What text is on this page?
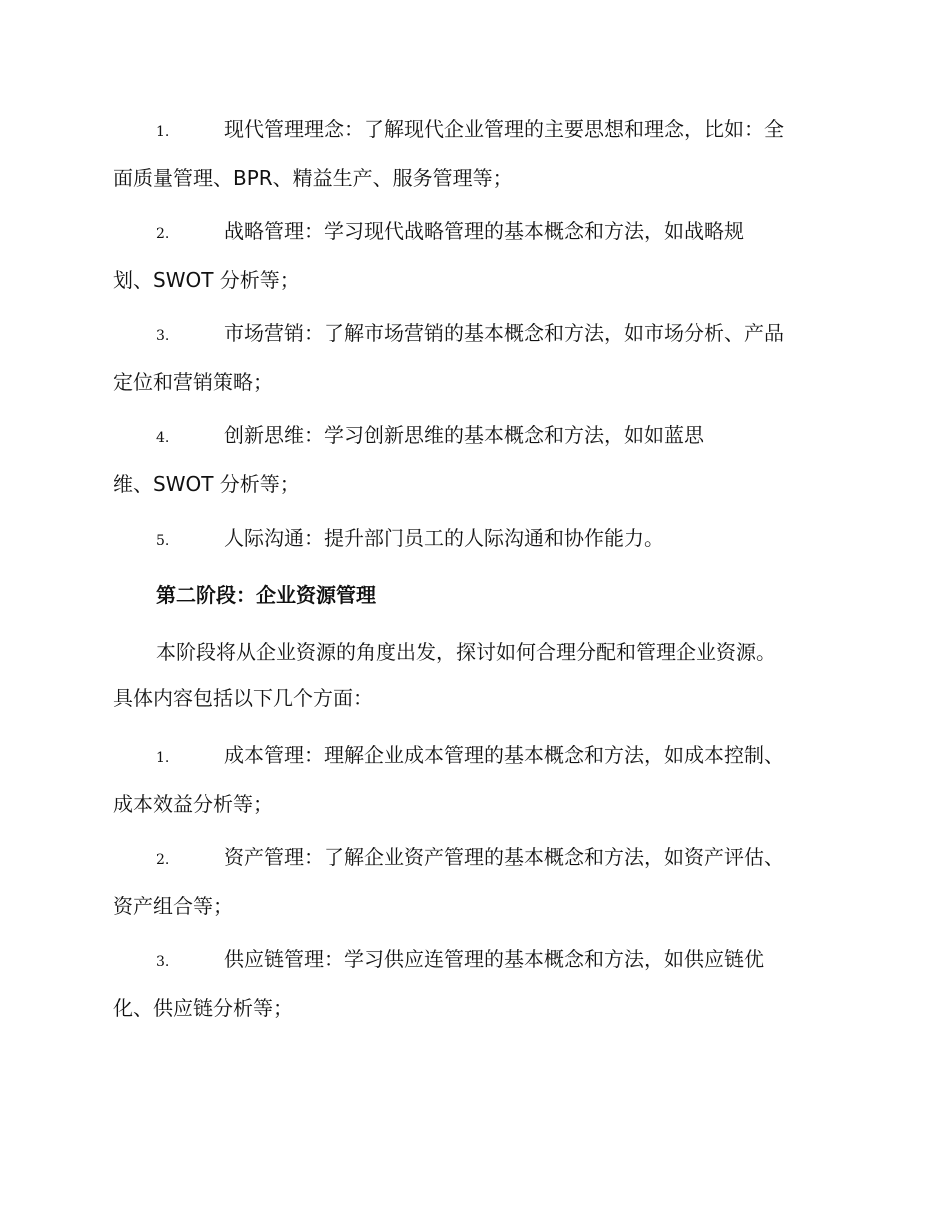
1.	现代管理理念：了解现代企业管理的主要思想和理念，比如：全
面质量管理、BPR、精益生产、服务管理等；
2.	战略管理：学习现代战略管理的基本概念和方法，如战略规
划、SWOT 分析等；
3.	市场营销：了解市场营销的基本概念和方法，如市场分析、产品
定位和营销策略；
4.	创新思维：学习创新思维的基本概念和方法，如如蓝思
维、SWOT 分析等；
5.	人际沟通：提升部门员工的人际沟通和协作能力。
第二阶段：企业资源管理
本阶段将从企业资源的角度出发，探讨如何合理分配和管理企业资源。
具体内容包括以下几个方面：
1.	成本管理：理解企业成本管理的基本概念和方法，如成本控制、
成本效益分析等；
2.	资产管理：了解企业资产管理的基本概念和方法，如资产评估、
资产组合等；
3.	供应链管理：学习供应连管理的基本概念和方法，如供应链优
化、供应链分析等；
